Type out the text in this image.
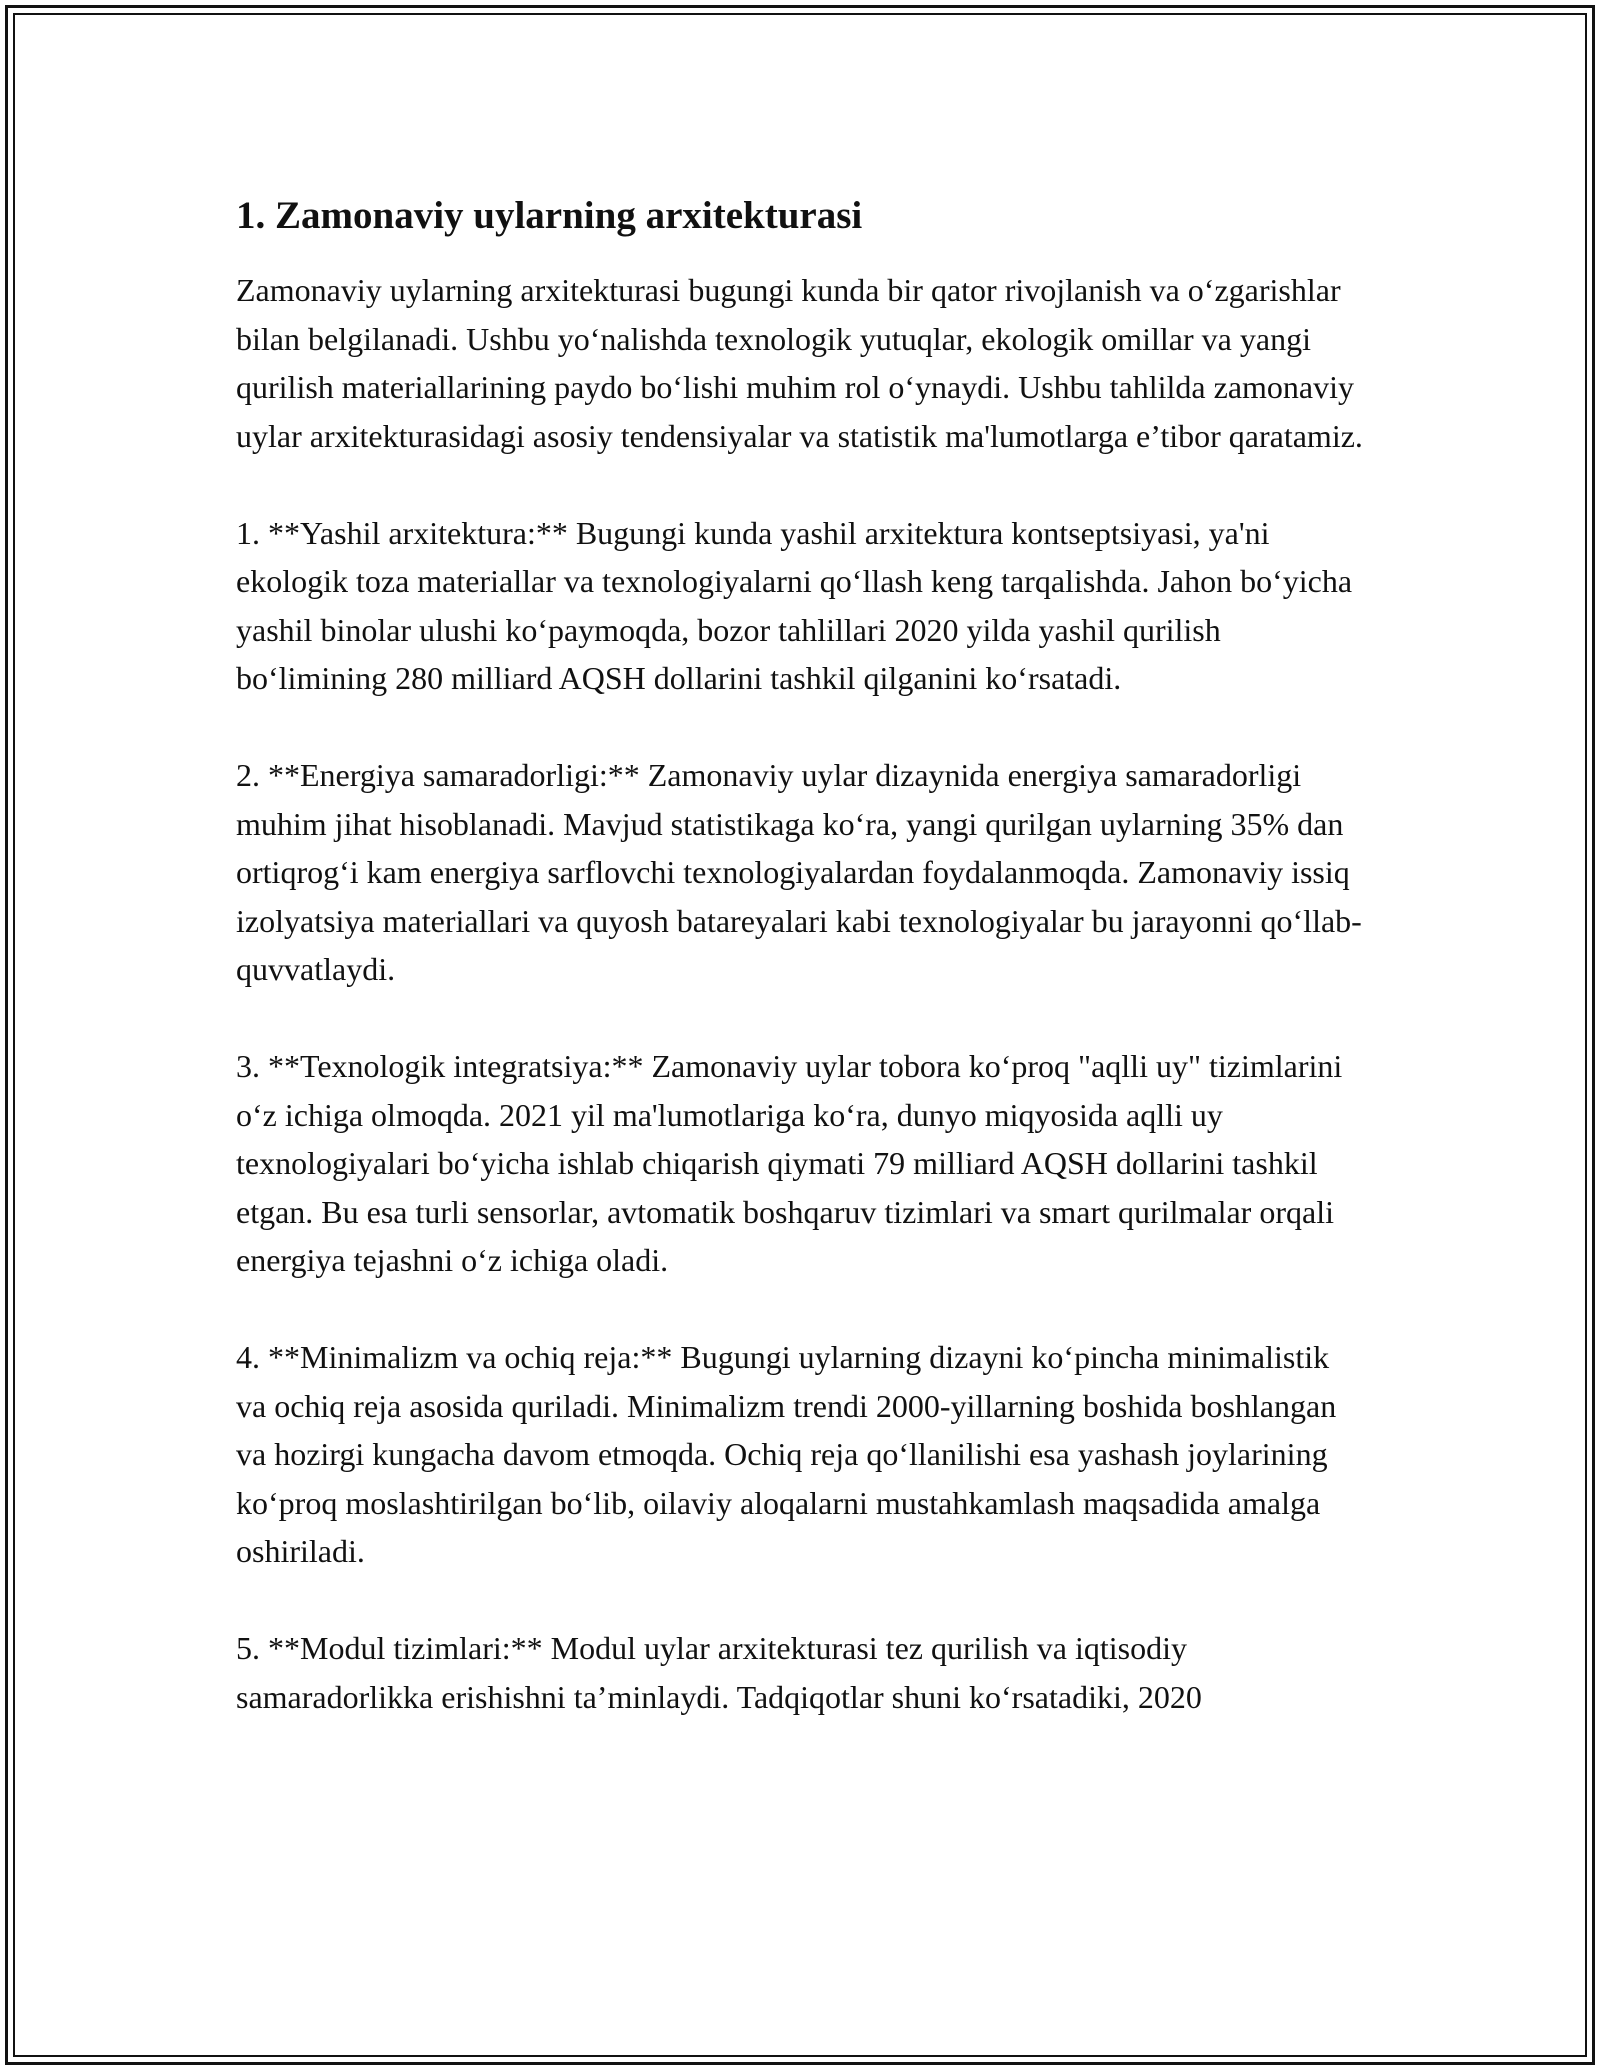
1. Zamonaviy uylarning arxitekturasi

Zamonaviy uylarning arxitekturasi bugungi kunda bir qator rivojlanish va o‘zgarishlar bilan belgilanadi. Ushbu yo‘nalishda texnologik yutuqlar, ekologik omillar va yangi qurilish materiallarining paydo bo‘lishi muhim rol o‘ynaydi. Ushbu tahlilda zamonaviy uylar arxitekturasidagi asosiy tendensiyalar va statistik ma'lumotlarga e’tibor qaratamiz.

1. **Yashil arxitektura:** Bugungi kunda yashil arxitektura kontseptsiyasi, ya'ni ekologik toza materiallar va texnologiyalarni qo‘llash keng tarqalishda. Jahon bo‘yicha yashil binolar ulushi ko‘paymoqda, bozor tahlillari 2020 yilda yashil qurilish bo‘limining 280 milliard AQSH dollarini tashkil qilganini ko‘rsatadi.

2. **Energiya samaradorligi:** Zamonaviy uylar dizaynida energiya samaradorligi muhim jihat hisoblanadi. Mavjud statistikaga ko‘ra, yangi qurilgan uylarning 35% dan ortiqrog‘i kam energiya sarflovchi texnologiyalardan foydalanmoqda. Zamonaviy issiq izolyatsiya materiallari va quyosh batareyalari kabi texnologiyalar bu jarayonni qo‘llab-quvvatlaydi.

3. **Texnologik integratsiya:** Zamonaviy uylar tobora ko‘proq "aqlli uy" tizimlarini o‘z ichiga olmoqda. 2021 yil ma'lumotlariga ko‘ra, dunyo miqyosida aqlli uy texnologiyalari bo‘yicha ishlab chiqarish qiymati 79 milliard AQSH dollarini tashkil etgan. Bu esa turli sensorlar, avtomatik boshqaruv tizimlari va smart qurilmalar orqali energiya tejashni o‘z ichiga oladi.

4. **Minimalizm va ochiq reja:** Bugungi uylarning dizayni ko‘pincha minimalistik va ochiq reja asosida quriladi. Minimalizm trendi 2000-yillarning boshida boshlangan va hozirgi kungacha davom etmoqda. Ochiq reja qo‘llanilishi esa yashash joylarining ko‘proq moslashtirilgan bo‘lib, oilaviy aloqalarni mustahkamlash maqsadida amalga oshiriladi.

5. **Modul tizimlari:** Modul uylar arxitekturasi tez qurilish va iqtisodiy samaradorlikka erishishni ta’minlaydi. Tadqiqotlar shuni ko‘rsatadiki, 2020
